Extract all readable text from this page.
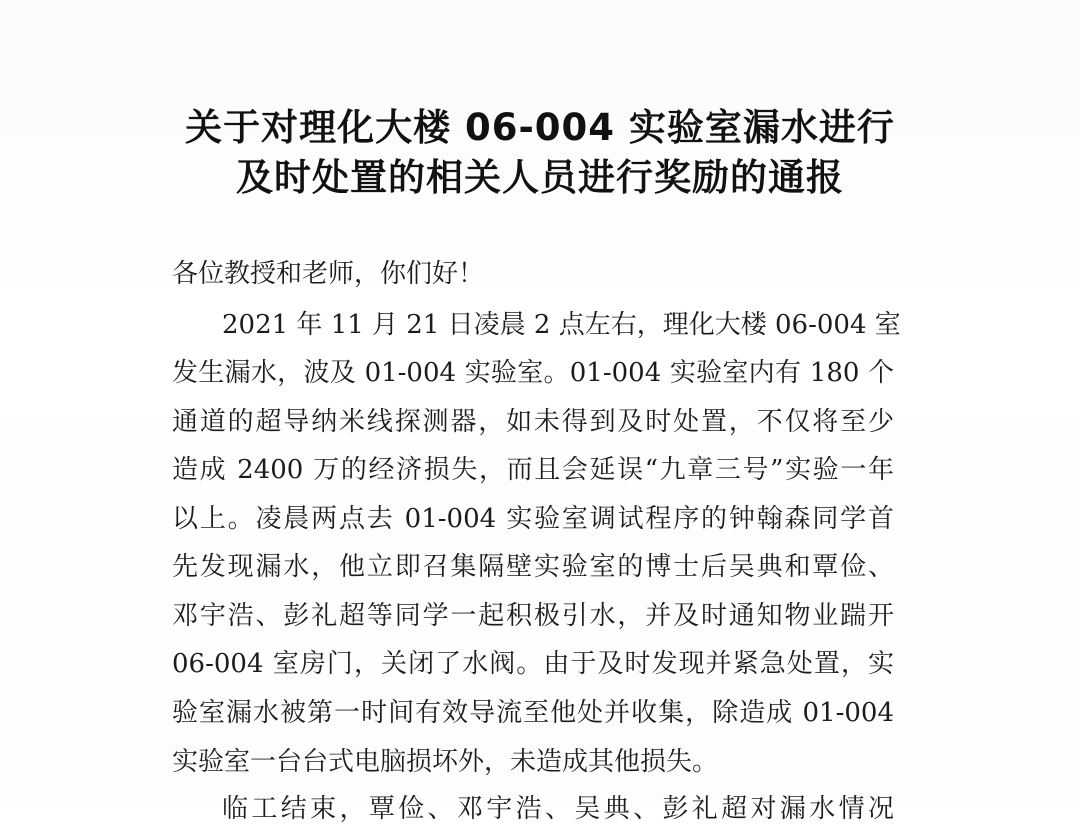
关于对理化大楼 06-004 实验室漏水进行
及时处置的相关人员进行奖励的通报
各位教授和老师，你们好！
2021 年 11 月 21 日凌晨 2 点左右，理化大楼 06-004 室
发生漏水，波及 01-004 实验室。01-004 实验室内有 180 个
通道的超导纳米线探测器，如未得到及时处置，不仅将至少
造成 2400 万的经济损失，而且会延误“九章三号”实验一年
以上。凌晨两点去 01-004 实验室调试程序的钟翰森同学首
先发现漏水，他立即召集隔壁实验室的博士后吴典和覃俭、
邓宇浩、彭礼超等同学一起积极引水，并及时通知物业踹开
06-004 室房门，关闭了水阀。由于及时发现并紧急处置，实
验室漏水被第一时间有效导流至他处并收集，除造成 01-004
实验室一台台式电脑损坏外，未造成其他损失。
临工结束，覃俭、邓宇浩、吴典、彭礼超对漏水情况
